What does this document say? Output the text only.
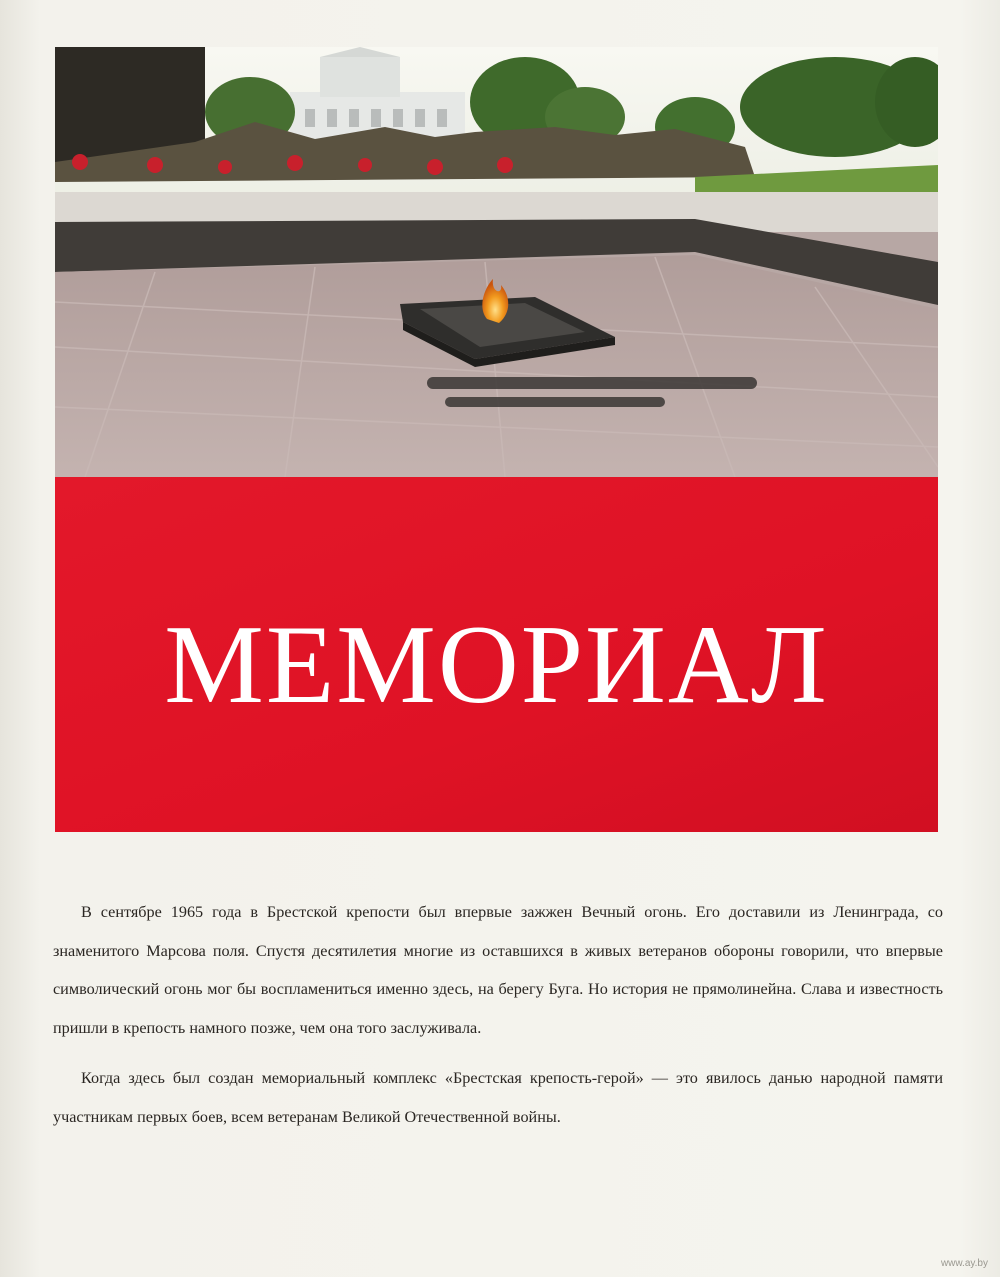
МЕМОРИАЛ

В сентябре 1965 года в Брестской крепости был впервые зажжен Вечный огонь. Его доставили из Ленинграда, со знаменитого Марсова поля. Спустя десятилетия многие из оставшихся в живых ветеранов обороны говорили, что впервые символический огонь мог бы воспламениться именно здесь, на берегу Буга. Но история не прямолинейна. Слава и известность пришли в крепость намного позже, чем она того заслуживала.

Когда здесь был создан мемориальный комплекс «Брестская крепость-герой» — это явилось данью народной памяти участникам первых боев, всем ветеранам Великой Отечественной войны.

www.ay.by
